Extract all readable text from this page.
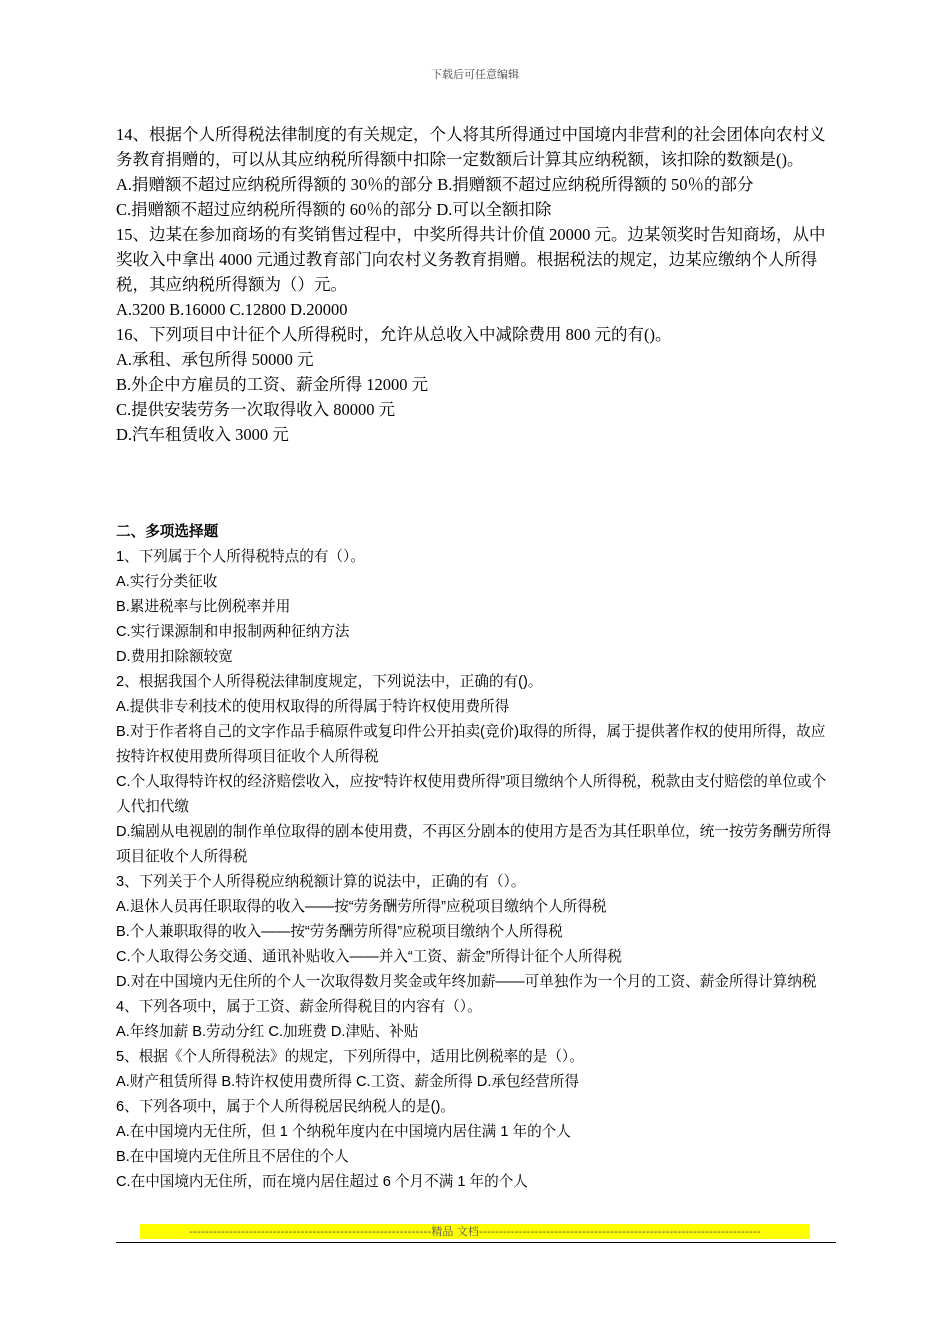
下载后可任意编辑
14、根据个人所得税法律制度的有关规定，个人将其所得通过中国境内非营利的社会团体向农村义务教育捐赠的，可以从其应纳税所得额中扣除一定数额后计算其应纳税额，该扣除的数额是()。
A.捐赠额不超过应纳税所得额的 30％的部分 B.捐赠额不超过应纳税所得额的 50％的部分
C.捐赠额不超过应纳税所得额的 60％的部分 D.可以全额扣除
15、边某在参加商场的有奖销售过程中，中奖所得共计价值 20000 元。边某领奖时告知商场，从中奖收入中拿出 4000 元通过教育部门向农村义务教育捐赠。根据税法的规定，边某应缴纳个人所得税，其应纳税所得额为（）元。
A.3200 B.16000 C.12800 D.20000
16、下列项目中计征个人所得税时，允许从总收入中减除费用 800 元的有()。
A.承租、承包所得 50000 元
B.外企中方雇员的工资、薪金所得 12000 元
C.提供安装劳务一次取得收入 80000 元
D.汽车租赁收入 3000 元
二、多项选择题
1、下列属于个人所得税特点的有（）。
A.实行分类征收
B.累进税率与比例税率并用
C.实行课源制和申报制两种征纳方法
D.费用扣除额较宽
2、根据我国个人所得税法律制度规定，下列说法中，正确的有()。
A.提供非专利技术的使用权取得的所得属于特许权使用费所得
B.对于作者将自己的文字作品手稿原件或复印件公开拍卖(竞价)取得的所得，属于提供著作权的使用所得，故应按特许权使用费所得项目征收个人所得税
C.个人取得特许权的经济赔偿收入，应按“特许权使用费所得”项目缴纳个人所得税，税款由支付赔偿的单位或个人代扣代缴
D.编剧从电视剧的制作单位取得的剧本使用费，不再区分剧本的使用方是否为其任职单位，统一按劳务酬劳所得项目征收个人所得税
3、下列关于个人所得税应纳税额计算的说法中，正确的有（）。
A.退休人员再任职取得的收入——按“劳务酬劳所得”应税项目缴纳个人所得税
B.个人兼职取得的收入——按“劳务酬劳所得”应税项目缴纳个人所得税
C.个人取得公务交通、通讯补贴收入——并入“工资、薪金”所得计征个人所得税
D.对在中国境内无住所的个人一次取得数月奖金或年终加薪——可单独作为一个月的工资、薪金所得计算纳税
4、下列各项中，属于工资、薪金所得税目的内容有（）。
A.年终加薪 B.劳动分红 C.加班费 D.津贴、补贴
5、根据《个人所得税法》的规定，下列所得中，适用比例税率的是（）。
A.财产租赁所得 B.特许权使用费所得 C.工资、薪金所得 D.承包经营所得
6、下列各项中，属于个人所得税居民纳税人的是()。
A.在中国境内无住所，但 1 个纳税年度内在中国境内居住满 1 年的个人
B.在中国境内无住所且不居住的个人
C.在中国境内无住所，而在境内居住超过 6 个月不满 1 年的个人
-------------------------------------------------------------精品 文档-----------------------------------------------------------------------
